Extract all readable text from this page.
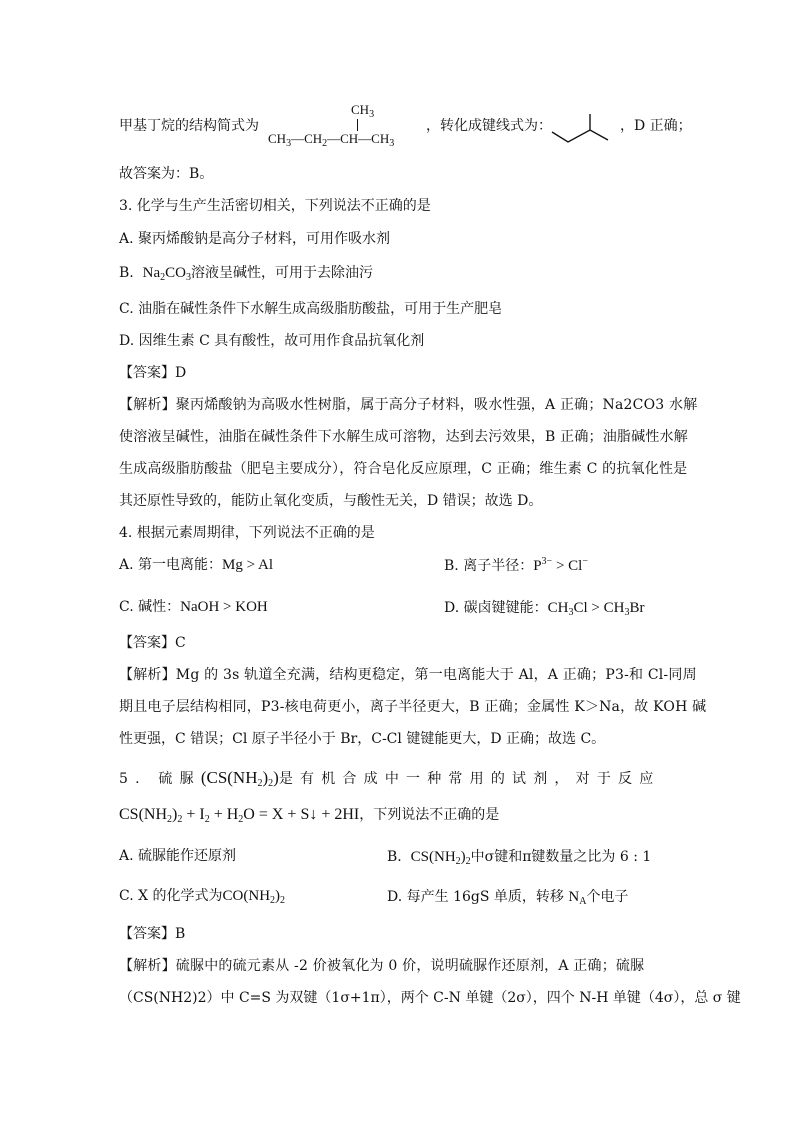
甲基丁烷的结构简式为
$CH_3$
$CH_3—CH_2—CH—CH_3$
，转化成键线式为：	，D 正确；
故答案为：B。
3. 化学与生产生活密切相关，下列说法不正确的是
A. 聚丙烯酸钠是高分子材料，可用作吸水剂
B. $Na_2CO_3$溶液呈碱性，可用于去除油污
C. 油脂在碱性条件下水解生成高级脂肪酸盐，可用于生产肥皂
D. 因维生素 C 具有酸性，故可用作食品抗氧化剂
【答案】D
【解析】聚丙烯酸钠为高吸水性树脂，属于高分子材料，吸水性强，A 正确；Na2CO3 水解
使溶液呈碱性，油脂在碱性条件下水解生成可溶物，达到去污效果，B 正确；油脂碱性水解
生成高级脂肪酸盐（肥皂主要成分），符合皂化反应原理，C 正确；维生素 C 的抗氧化性是
其还原性导致的，能防止氧化变质，与酸性无关，D 错误；故选 D。
4. 根据元素周期律，下列说法不正确的是
A. 第一电离能：Mg > Al	B. 离子半径：$P^{3-} > Cl^-$
C. 碱性：NaOH > KOH	D. 碳卤键键能：$CH_3Cl > CH_3Br$
【答案】C
【解析】Mg 的 3s 轨道全充满，结构更稳定，第一电离能大于 Al，A 正确；P3-和 Cl-同周
期且电子层结构相同，P3-核电荷更小，离子半径更大，B 正确；金属性 K＞Na，故 KOH 碱
性更强，C 错误；Cl 原子半径小于 Br，C-Cl 键键能更大，D 正确；故选 C。
5. 硫脲$(CS(NH_2)_2)$是有机合成中一种常用的试剂，对于反应
$CS(NH_2)_2 + I_2 + H_2O = X$ + S↓ + 2HI，下列说法不正确的是
A. 硫脲能作还原剂	B. $CS(NH_2)_2$中σ键和π键数量之比为 6 : 1
C. X 的化学式为$CO(NH_2)_2$	D. 每产生 16gS 单质，转移 $N_A$个电子
【答案】B
【解析】硫脲中的硫元素从 -2 价被氧化为 0 价，说明硫脲作还原剂，A 正确；硫脲
（CS(NH2)2）中 C=S 为双键（1σ+1π），两个 C-N 单键（2σ），四个 N-H 单键（4σ），总 σ 键
